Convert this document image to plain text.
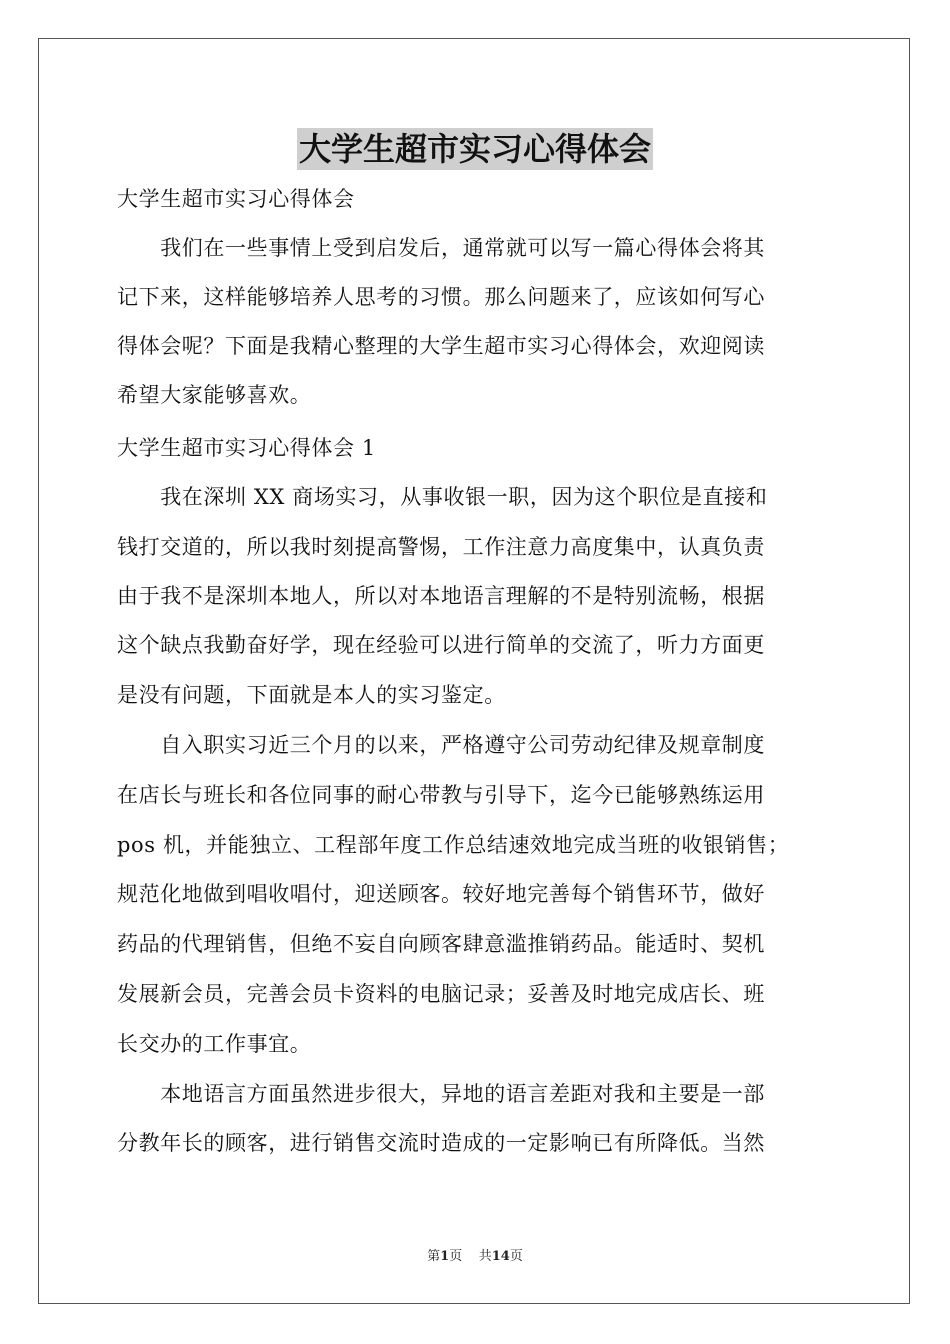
大学生超市实习心得体会
大学生超市实习心得体会
　　我们在一些事情上受到启发后，通常就可以写一篇心得体会将其
记下来，这样能够培养人思考的习惯。那么问题来了，应该如何写心
得体会呢？下面是我精心整理的大学生超市实习心得体会，欢迎阅读
希望大家能够喜欢。
大学生超市实习心得体会 1
　　我在深圳 XX 商场实习，从事收银一职，因为这个职位是直接和
钱打交道的，所以我时刻提高警惕，工作注意力高度集中，认真负责
由于我不是深圳本地人，所以对本地语言理解的不是特别流畅，根据
这个缺点我勤奋好学，现在经验可以进行简单的交流了，听力方面更
是没有问题，下面就是本人的实习鉴定。
　　自入职实习近三个月的以来，严格遵守公司劳动纪律及规章制度
在店长与班长和各位同事的耐心带教与引导下，迄今已能够熟练运用
pos 机，并能独立、工程部年度工作总结速效地完成当班的收银销售；
规范化地做到唱收唱付，迎送顾客。较好地完善每个销售环节，做好
药品的代理销售，但绝不妄自向顾客肆意滥推销药品。能适时、契机
发展新会员，完善会员卡资料的电脑记录；妥善及时地完成店长、班
长交办的工作事宜。
　　本地语言方面虽然进步很大，异地的语言差距对我和主要是一部
分教年长的顾客，进行销售交流时造成的一定影响已有所降低。当然
第1页 共14页
